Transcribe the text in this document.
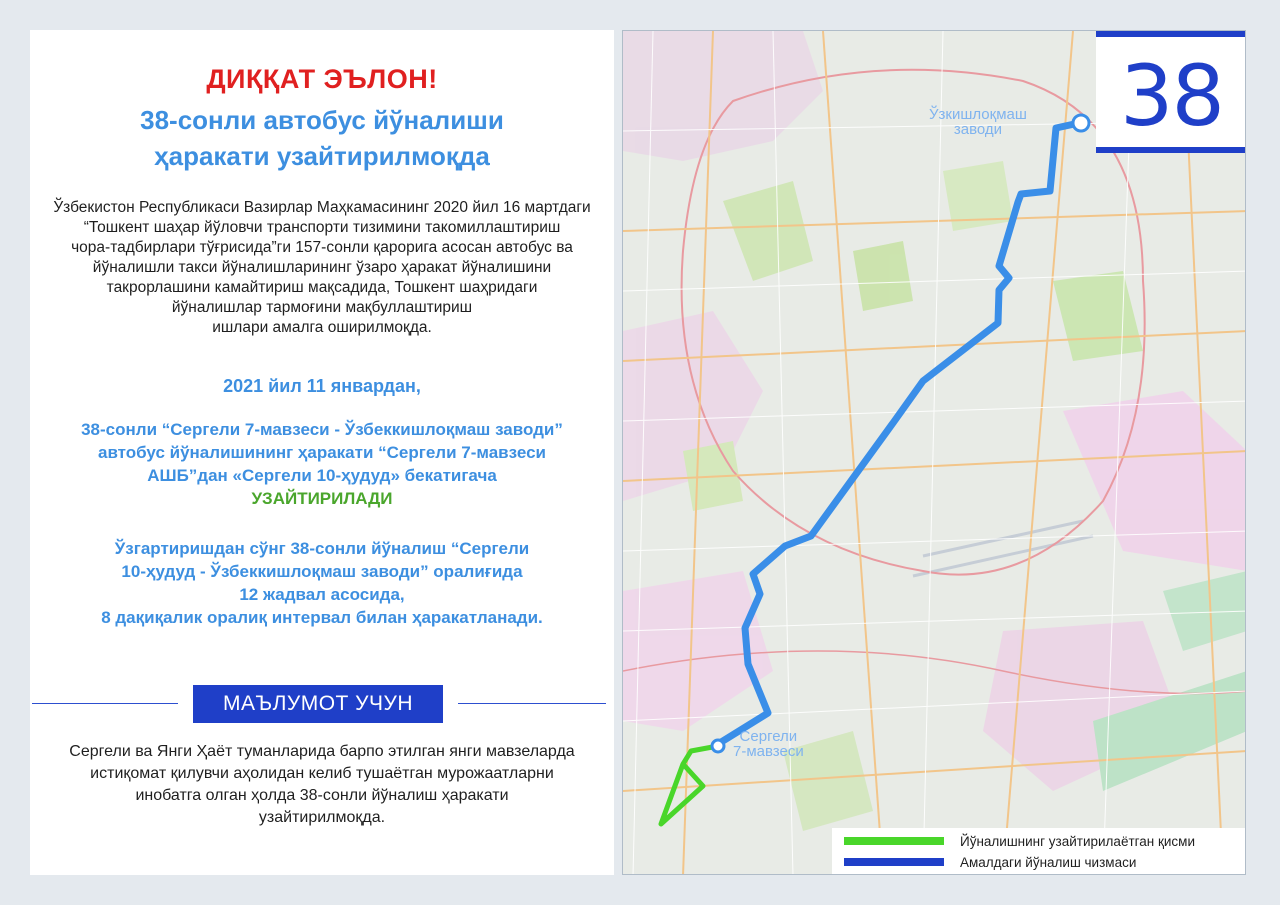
ДИҚҚАТ ЭЪЛОН!
38-сонли автобус йўналиши
ҳаракати узайтирилмоқда
Ўзбекистон Республикаси Вазирлар Маҳкамасининг 2020 йил 16 мартдаги
“Тошкент шаҳар йўловчи транспорти тизимини такомиллаштириш
чора-тадбирлари тўғрисида”ги 157-сонли қарорига асосан автобус ва
йўналишли такси йўналишларининг ўзаро ҳаракат йўналишини
такрорлашини камайтириш мақсадида, Тошкент шаҳридаги
йўналишлар тармоғини мақбуллаштириш
ишлари амалга оширилмоқда.
2021 йил 11 январдан,
38-сонли “Сергели 7-мавзеси - Ўзбеккишлоқмаш заводи”
автобус йўналишининг ҳаракати “Сергели 7-мавзеси
АШБ”дан «Сергели 10-ҳудуд» бекатигача
УЗАЙТИРИЛАДИ
Ўзгартиришдан сўнг 38-сонли йўналиш “Сергели
10-ҳудуд - Ўзбеккишлоқмаш заводи” оралиғида
12 жадвал асосида,
8 дақиқалик оралиқ интервал билан ҳаракатланади.
МАЪЛУМОТ УЧУН
Сергели ва Янги Ҳаёт туманларида барпо этилган янги мавзеларда
истиқомат қилувчи аҳолидан келиб тушаётган мурожаатларни
инобатга олган ҳолда 38-сонли йўналиш ҳаракати
узайтирилмоқда.
38
Ўзкишлоқмаш
заводи
Сергели
7-мавзеси
Йўналишнинг узайтирилаётган қисми
Амалдаги йўналиш чизмаси
